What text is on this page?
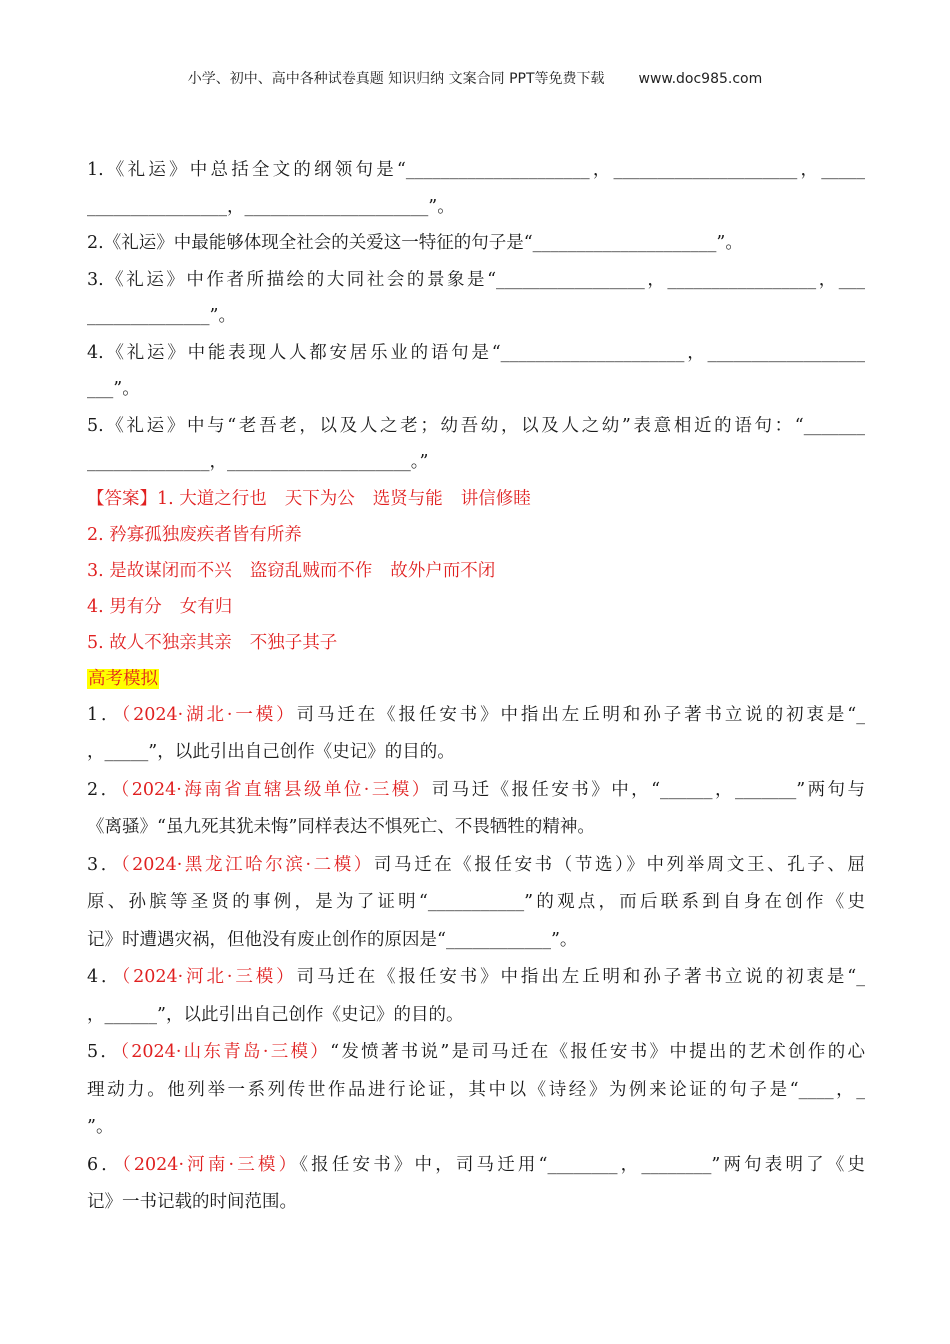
小学、初中、高中各种试卷真题 知识归纳 文案合同 PPT等免费下载 www.doc985.com
1.《礼运》中总括全文的纲领句是“_____________________，_____________________，_____
________________，_____________________”。
2.《礼运》中最能够体现全社会的关爱这一特征的句子是“_____________________”。
3.《礼运》中作者所描绘的大同社会的景象是“_________________，_________________，___
______________”。
4.《礼运》中能表现人人都安居乐业的语句是“_____________________，__________________
___”。
5.《礼运》中与“老吾老，以及人之老；幼吾幼，以及人之幼”表意相近的语句：“_______
______________，_____________________。”
【答案】1. 大道之行也 天下为公 选贤与能 讲信修睦
2. 矜寡孤独废疾者皆有所养
3. 是故谋闭而不兴 盗窃乱贼而不作 故外户而不闭
4. 男有分 女有归
5. 故人不独亲其亲 不独子其子
高考模拟
1．（2024·湖北·一模）司马迁在《报任安书》中指出左丘明和孙子著书立说的初衷是“_
，_____”，以此引出自己创作《史记》的目的。
2．（2024·海南省直辖县级单位·三模）司马迁《报任安书》中，“______，_______”两句与
《离骚》“虽九死其犹未悔”同样表达不惧死亡、不畏牺牲的精神。
3．（2024·黑龙江哈尔滨·二模）司马迁在《报任安书（节选）》中列举周文王、孔子、屈
原、孙膑等圣贤的事例，是为了证明“___________”的观点，而后联系到自身在创作《史
记》时遭遇灾祸，但他没有废止创作的原因是“____________”。
4．（2024·河北·三模）司马迁在《报任安书》中指出左丘明和孙子著书立说的初衷是“_
，______”，以此引出自己创作《史记》的目的。
5．（2024·山东青岛·三模）“发愤著书说”是司马迁在《报任安书》中提出的艺术创作的心
理动力。他列举一系列传世作品进行论证，其中以《诗经》为例来论证的句子是“____，_
”。
6．（2024·河南·三模）《报任安书》中，司马迁用“________，________”两句表明了《史
记》一书记载的时间范围。
